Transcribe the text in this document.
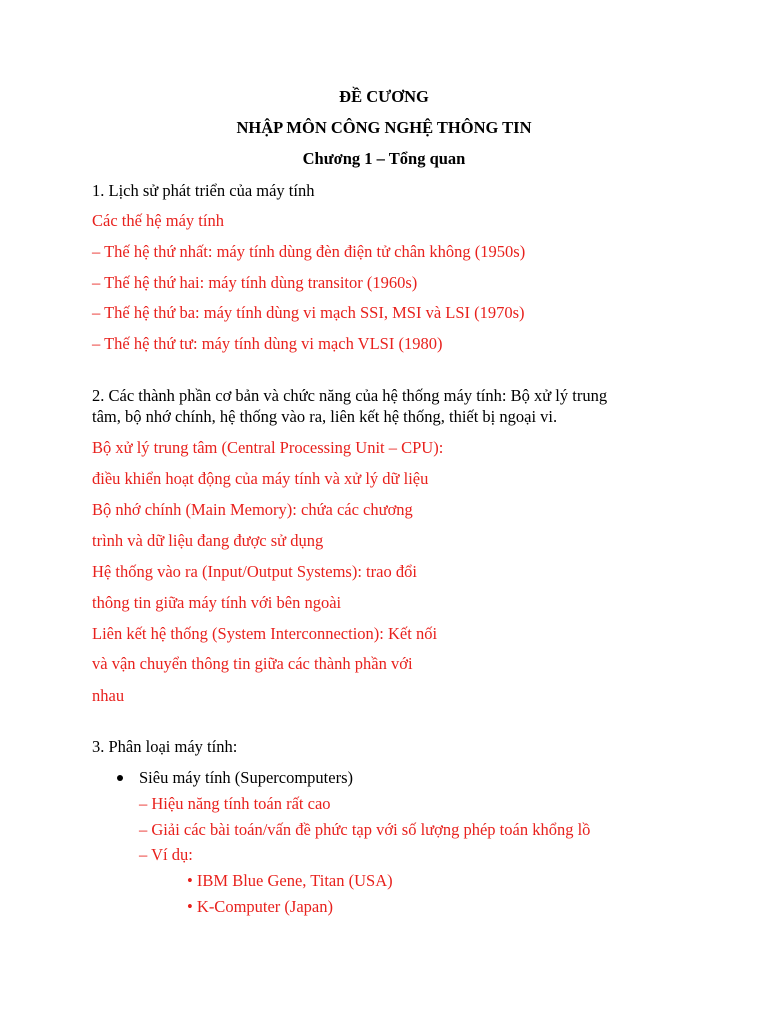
ĐỀ CƯƠNG
NHẬP MÔN CÔNG NGHỆ THÔNG TIN
Chương 1 – Tổng quan
1. Lịch sử phát triển của máy tính
Các thế hệ máy tính
– Thế hệ thứ nhất: máy tính dùng đèn điện tử chân không (1950s)
– Thế hệ thứ hai: máy tính dùng transitor (1960s)
– Thế hệ thứ ba: máy tính dùng vi mạch SSI, MSI và LSI (1970s)
– Thế hệ thứ tư: máy tính dùng vi mạch VLSI (1980)
2. Các thành phần cơ bản và chức năng của hệ thống máy tính: Bộ xử lý trung
tâm, bộ nhớ chính, hệ thống vào ra, liên kết hệ thống, thiết bị ngoại vi.
Bộ xử lý trung tâm (Central Processing Unit – CPU):
điều khiển hoạt động của máy tính và xử lý dữ liệu
Bộ nhớ chính (Main Memory): chứa các chương
trình và dữ liệu đang được sử dụng
Hệ thống vào ra (Input/Output Systems): trao đổi
thông tin giữa máy tính với bên ngoài
Liên kết hệ thống (System Interconnection): Kết nối
và vận chuyển thông tin giữa các thành phần với
nhau
3. Phân loại máy tính:
Siêu máy tính (Supercomputers)
– Hiệu năng tính toán rất cao
– Giải các bài toán/vấn đề phức tạp với số lượng phép toán khổng lồ
– Ví dụ:
• IBM Blue Gene, Titan (USA)
• K-Computer (Japan)
